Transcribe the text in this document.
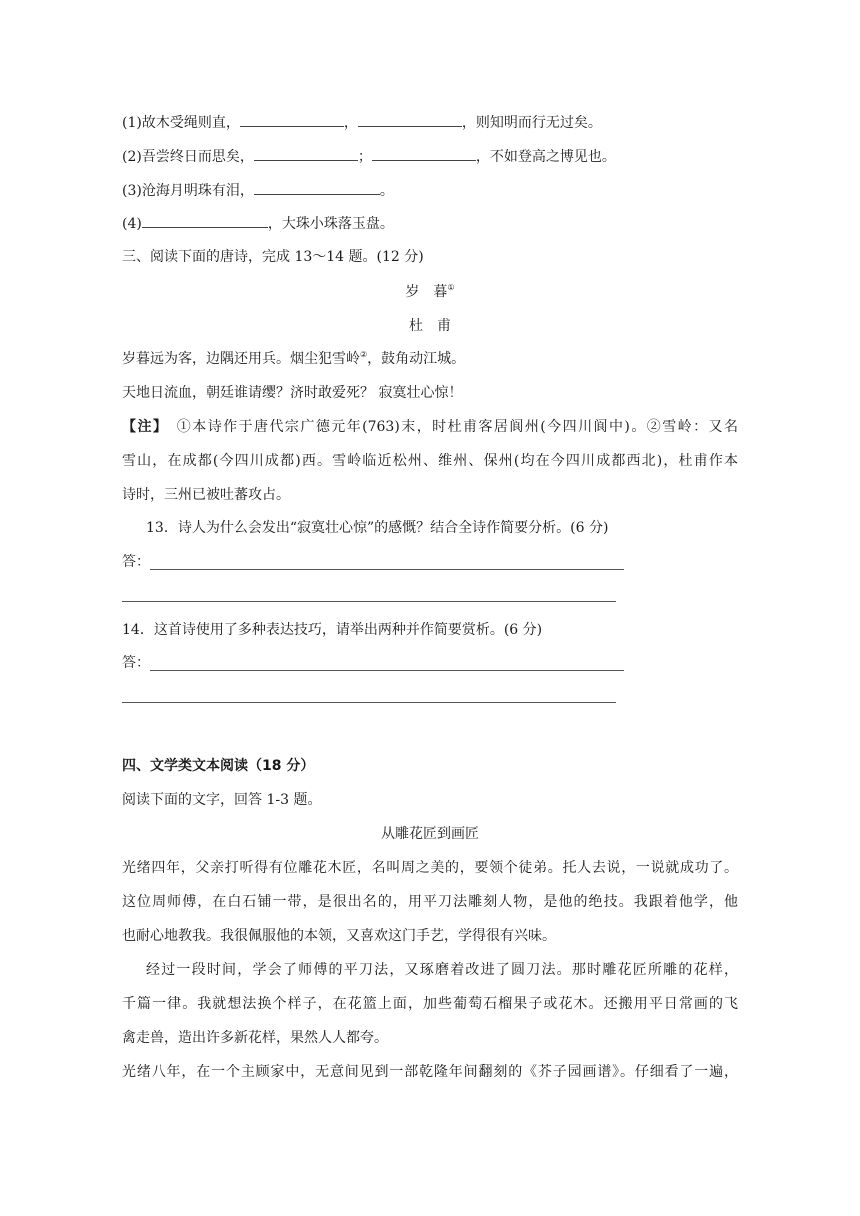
(1)故木受绳则直，	，	，则知明而行无过矣。
(2)吾尝终日而思矣，	；	，不如登高之博见也。
(3)沧海月明珠有泪，	。
(4)	，大珠小珠落玉盘。
三、阅读下面的唐诗，完成 13～14 题。(12 分)
岁　暮①
杜　甫
岁暮远为客，边隅还用兵。烟尘犯雪岭②，鼓角动江城。
天地日流血，朝廷谁请缨？济时敢爱死？ 寂寞壮心惊！
【注】　 ①本诗作于唐代宗广德元年(763)末，时杜甫客居阆州(今四川阆中)。②雪岭：又名
雪山，在成都(今四川成都)西。雪岭临近松州、维州、保州(均在今四川成都西北)，杜甫作本
诗时，三州已被吐蕃攻占。
13．诗人为什么会发出“寂寞壮心惊”的感慨？结合全诗作简要分析。(6 分)
答：
14．这首诗使用了多种表达技巧，请举出两种并作简要赏析。(6 分)
答：
四、文学类文本阅读（18 分）
阅读下面的文字，回答 1-3 题。
从雕花匠到画匠
光绪四年，父亲打听得有位雕花木匠，名叫周之美的，要领个徒弟。托人去说，一说就成功了。
这位周师傅，在白石铺一带，是很出名的，用平刀法雕刻人物，是他的绝技。我跟着他学，他
也耐心地教我。我很佩服他的本领，又喜欢这门手艺，学得很有兴味。
经过一段时间，学会了师傅的平刀法，又琢磨着改进了圆刀法。那时雕花匠所雕的花样，
千篇一律。我就想法换个样子，在花篮上面，加些葡萄石榴果子或花木。还搬用平日常画的飞
禽走兽，造出许多新花样，果然人人都夸。
光绪八年，在一个主顾家中，无意间见到一部乾隆年间翻刻的《芥子园画谱》。仔细看了一遍，
